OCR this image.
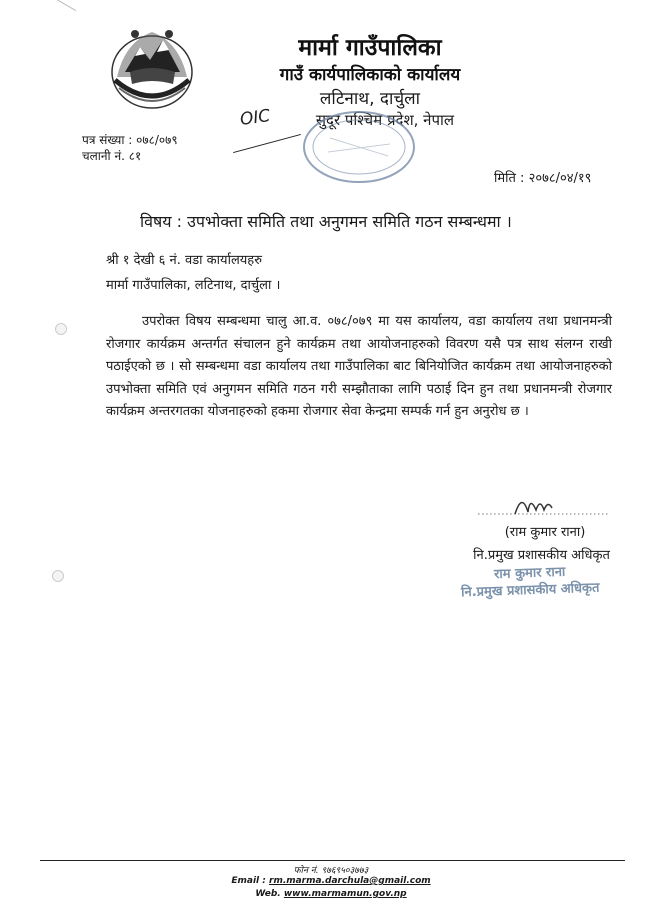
मार्मा गाउँपालिका
गाउँ कार्यपालिकाको कार्यालय
लटिनाथ, दार्चुला
सुदूर पश्चिम प्रदेश, नेपाल
पत्र संख्या : ०७८/०७९
चलानी नं. ८१
OIC
मिति : २०७८/०४/१९
विषय : उपभोक्ता समिति तथा अनुगमन समिति गठन सम्बन्धमा ।
श्री १ देखी ६ नं. वडा कार्यालयहरु
मार्मा गाउँपालिका, लटिनाथ, दार्चुला ।
उपरोक्त विषय सम्बन्धमा चालु आ.व. ०७८/०७९ मा यस कार्यालय, वडा कार्यालय तथा प्रधानमन्त्री रोजगार कार्यक्रम अन्तर्गत संचालन हुने कार्यक्रम तथा आयोजनाहरुको विवरण यसै पत्र साथ संलग्न राखी पठाईएको छ । सो सम्बन्धमा वडा कार्यालय तथा गाउँपालिका बाट बिनियोजित कार्यक्रम तथा आयोजनाहरुको उपभोक्ता समिति एवं अनुगमन समिति गठन गरी सम्झौताका लागि पठाई दिन हुन तथा प्रधानमन्त्री रोजगार कार्यक्रम अन्तरगतका योजनाहरुको हकमा रोजगार सेवा केन्द्रमा सम्पर्क गर्न हुन अनुरोध छ ।
(राम कुमार राना)
नि.प्रमुख प्रशासकीय अधिकृत
राम कुमार राना
नि.प्रमुख प्रशासकीय अधिकृत
फोन नं. ९७६९५०३७७३
Email : rm.marma.darchula@gmail.com
Web. www.marmamun.gov.np
